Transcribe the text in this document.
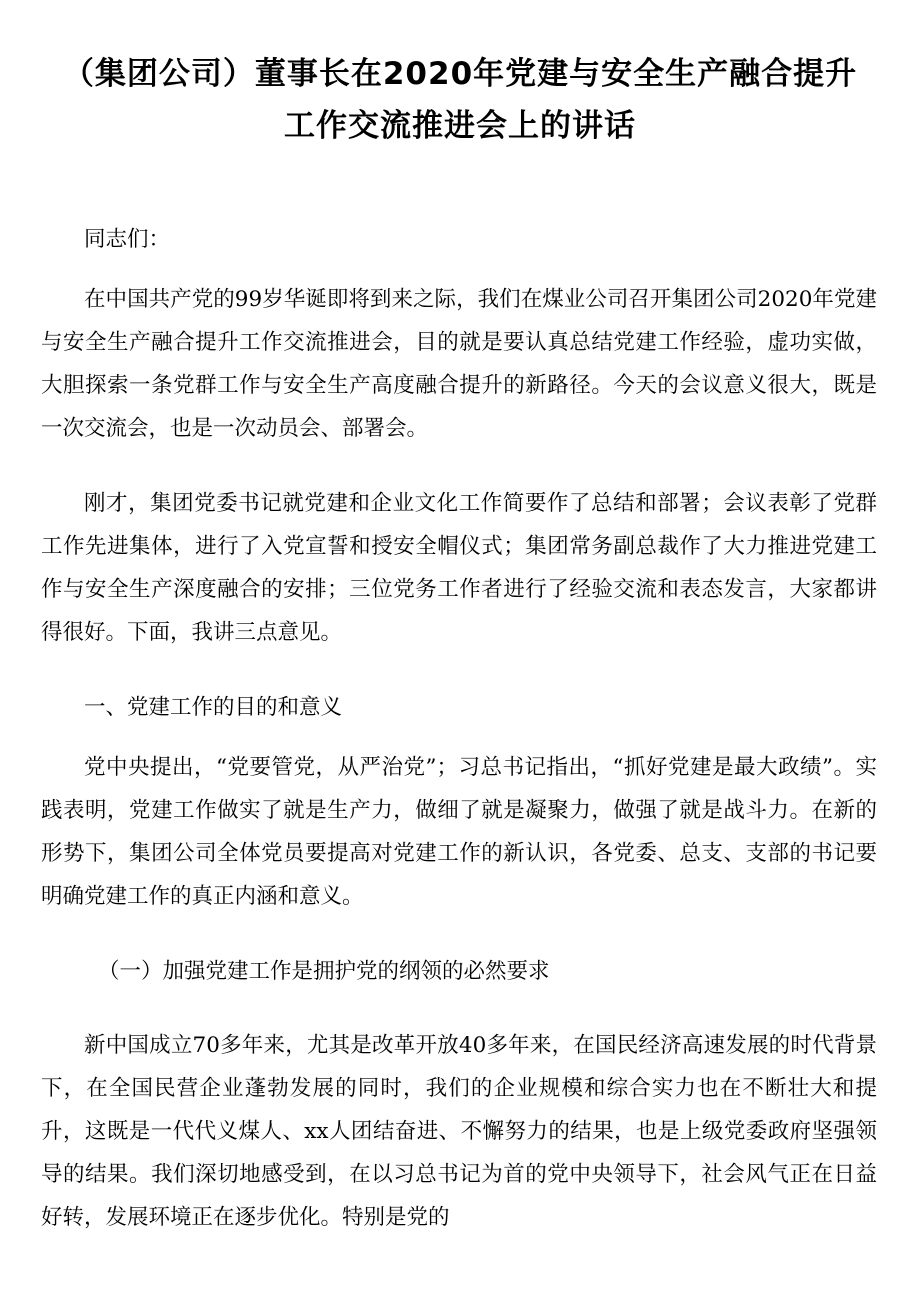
（集团公司）董事长在2020年党建与安全生产融合提升
工作交流推进会上的讲话

同志们：

在中国共产党的99岁华诞即将到来之际，我们在煤业公司召开集团公司2020年党建与安全生产融合提升工作交流推进会，目的就是要认真总结党建工作经验，虚功实做，大胆探索一条党群工作与安全生产高度融合提升的新路径。今天的会议意义很大，既是一次交流会，也是一次动员会、部署会。

刚才，集团党委书记就党建和企业文化工作简要作了总结和部署；会议表彰了党群工作先进集体，进行了入党宣誓和授安全帽仪式；集团常务副总裁作了大力推进党建工作与安全生产深度融合的安排；三位党务工作者进行了经验交流和表态发言，大家都讲得很好。下面，我讲三点意见。

一、党建工作的目的和意义

党中央提出，“党要管党，从严治党”；习总书记指出，“抓好党建是最大政绩”。实践表明，党建工作做实了就是生产力，做细了就是凝聚力，做强了就是战斗力。在新的形势下，集团公司全体党员要提高对党建工作的新认识，各党委、总支、支部的书记要明确党建工作的真正内涵和意义。

（一）加强党建工作是拥护党的纲领的必然要求

新中国成立70多年来，尤其是改革开放40多年来，在国民经济高速发展的时代背景下，在全国民营企业蓬勃发展的同时，我们的企业规模和综合实力也在不断壮大和提升，这既是一代代义煤人、xx人团结奋进、不懈努力的结果，也是上级党委政府坚强领导的结果。我们深切地感受到，在以习总书记为首的党中央领导下，社会风气正在日益好转，发展环境正在逐步优化。特别是党的
